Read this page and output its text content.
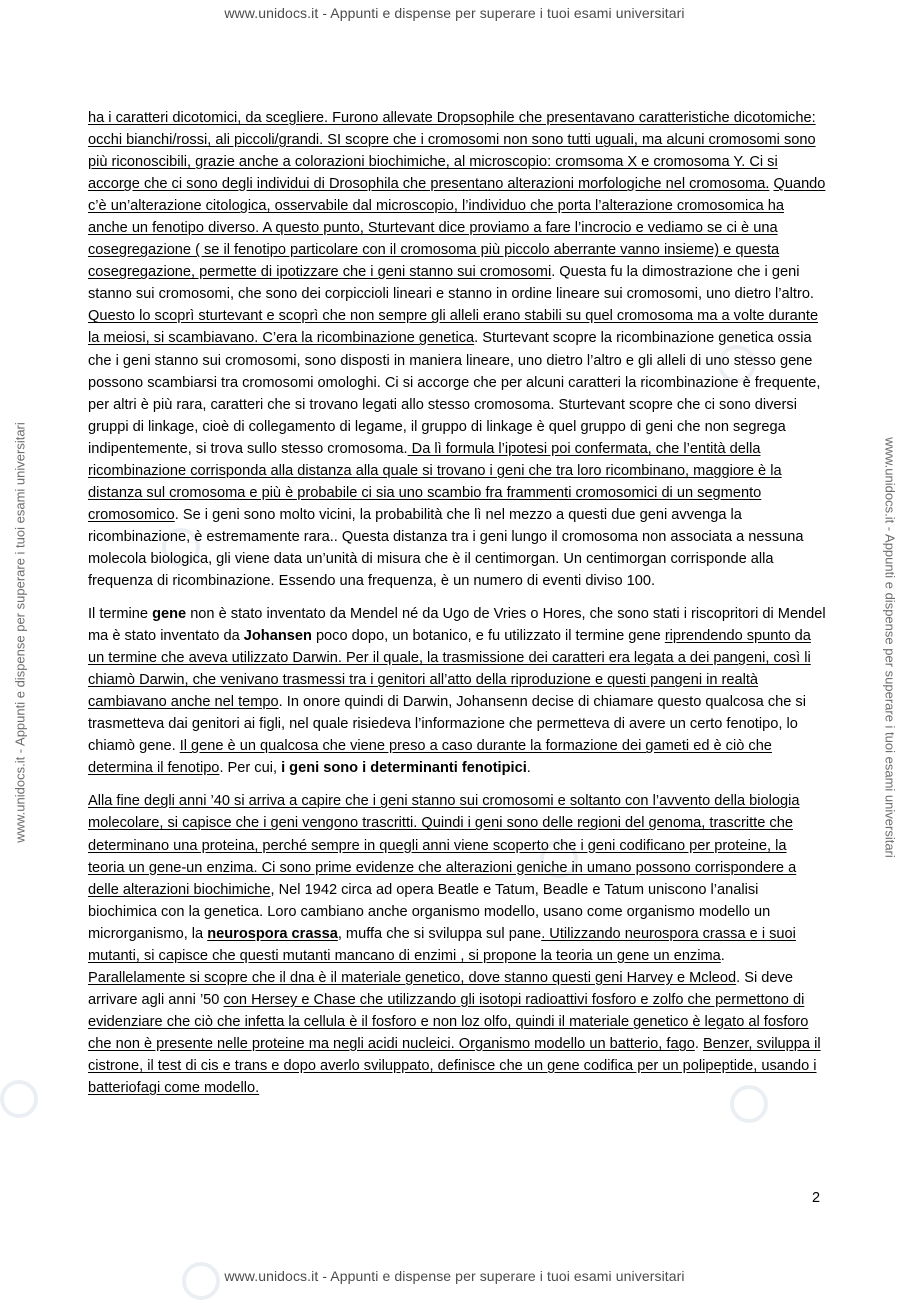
www.unidocs.it - Appunti e dispense per superare i tuoi esami universitari
www.unidocs.it - Appunti e dispense per superare i tuoi esami universitari
www.unidocs.it - Appunti e dispense per superare i tuoi esami universitari	www.unidocs.it - Appunti e dispense per superare i tuoi esami universitari

ha i caratteri dicotomici, da scegliere. Furono allevate Dropsophile che presentavano caratteristiche dicotomiche: occhi bianchi/rossi, ali piccoli/grandi. SI scopre che i cromosomi non sono tutti uguali, ma alcuni cromosomi sono più riconoscibili, grazie anche a colorazioni biochimiche, al microscopio: cromsoma X e cromosoma Y. Ci si accorge che ci sono degli individui di Drosophila che presentano alterazioni morfologiche nel cromosoma. Quando c’è un’alterazione citologica, osservabile dal microscopio, l’individuo che porta l’alterazione cromosomica ha anche un fenotipo diverso. A questo punto, Sturtevant dice proviamo a fare l’incrocio e vediamo se ci è una cosegregazione ( se il fenotipo particolare con il cromosoma più piccolo aberrante vanno insieme) e questa cosegregazione, permette di ipotizzare che i geni stanno sui cromosomi. Questa fu la dimostrazione che i geni stanno sui cromosomi, che sono dei corpiccioli lineari e stanno in ordine lineare sui cromosomi, uno dietro l’altro. Questo lo scoprì sturtevant e scoprì che non sempre gli alleli erano stabili su quel cromosoma ma a volte durante la meiosi, si scambiavano. C’era la ricombinazione genetica. Sturtevant scopre la ricombinazione genetica ossia che i geni stanno sui cromosomi, sono disposti in maniera lineare, uno dietro l’altro e gli alleli di uno stesso gene possono scambiarsi tra cromosomi omologhi. Ci si accorge che per alcuni caratteri la ricombinazione è frequente, per altri è più rara, caratteri che si trovano legati allo stesso cromosoma. Sturtevant scopre che ci sono diversi gruppi di linkage, cioè di collegamento di legame, il gruppo di linkage è quel gruppo di geni che non segrega indipentemente, si trova sullo stesso cromosoma. Da lì formula l’ipotesi poi confermata, che l’entità della ricombinazione corrisponda alla distanza alla quale si trovano i geni che tra loro ricombinano, maggiore è la distanza sul cromosoma e più è probabile ci sia uno scambio fra frammenti cromosomici di un segmento cromosomico. Se i geni sono molto vicini, la probabilità che lì nel mezzo a questi due geni avvenga la ricombinazione, è estremamente rara.. Questa distanza tra i geni lungo il cromosoma non associata a nessuna molecola biologica, gli viene data un’unità di misura che è il centimorgan. Un centimorgan corrisponde alla frequenza di ricombinazione. Essendo una frequenza, è un numero di eventi diviso 100.

Il termine gene non è stato inventato da Mendel né da Ugo de Vries o Hores, che sono stati i riscopritori di Mendel ma è stato inventato da Johansen poco dopo, un botanico, e fu utilizzato il termine gene riprendendo spunto da un termine che aveva utilizzato Darwin. Per il quale, la trasmissione dei caratteri era legata a dei pangeni, così li chiamò Darwin, che venivano trasmessi tra i genitori all’atto della riproduzione e questi pangeni in realtà cambiavano anche nel tempo. In onore quindi di Darwin, Johansenn decise di chiamare questo qualcosa che si trasmetteva dai genitori ai figli, nel quale risiedeva l’informazione che permetteva di avere un certo fenotipo, lo chiamò gene. Il gene è un qualcosa che viene preso a caso durante la formazione dei gameti ed è ciò che determina il fenotipo. Per cui, i geni sono i determinanti fenotipici.

Alla fine degli anni ’40 si arriva a capire che i geni stanno sui cromosomi e soltanto con l’avvento della biologia molecolare, si capisce che i geni vengono trascritti. Quindi i geni sono delle regioni del genoma, trascritte che determinano una proteina, perché sempre in quegli anni viene scoperto che i geni codificano per proteine, la teoria un gene-un enzima. Ci sono prime evidenze che alterazioni geniche in umano possono corrispondere a delle alterazioni biochimiche, Nel 1942 circa ad opera Beatle e Tatum, Beadle e Tatum uniscono l’analisi biochimica con la genetica. Loro cambiano anche organismo modello, usano come organismo modello un microrganismo, la neurospora crassa, muffa che si sviluppa sul pane. Utilizzando neurospora crassa e i suoi mutanti, si capisce che questi mutanti mancano di enzimi , si propone la teoria un gene un enzima. Parallelamente si scopre che il dna è il materiale genetico, dove stanno questi geni Harvey e Mcleod. Si deve arrivare agli anni ’50 con Hersey e Chase che utilizzando gli isotopi radioattivi fosforo e zolfo che permettono di evidenziare che ciò che infetta la cellula è il fosforo e non loz olfo, quindi il materiale genetico è legato al fosforo che non è presente nelle proteine ma negli acidi nucleici. Organismo modello un batterio, fago. Benzer, sviluppa il cistrone, il test di cis e trans e dopo averlo sviluppato, definisce che un gene codifica per un polipeptide, usando i batteriofagi come modello.

2
